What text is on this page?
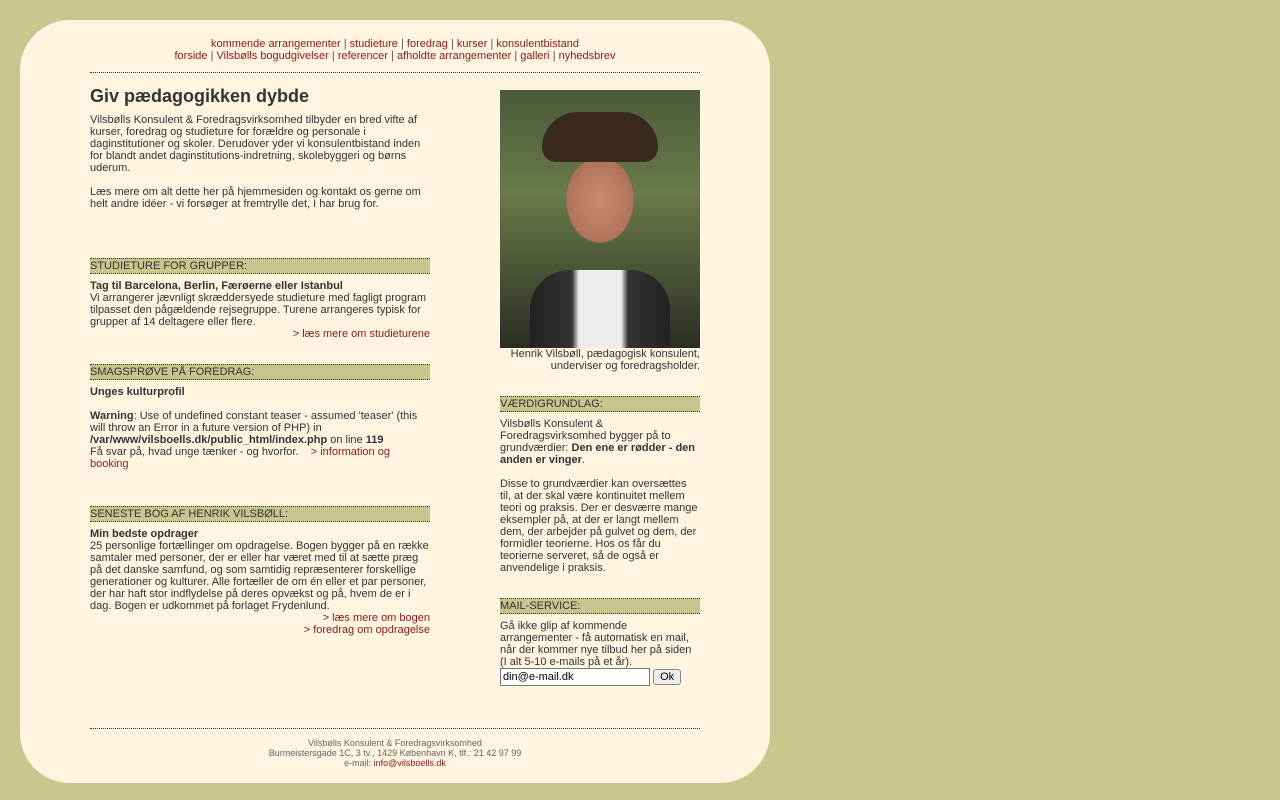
kommende arrangementer | studieture | foredrag | kurser | konsulentbistand
forside | Vilsbølls bogudgivelser | referencer | afholdte arrangementer | galleri | nyhedsbrev
Giv pædagogikken dybde

Vilsbølls Konsulent & Foredragsvirksomhed tilbyder en bred vifte af kurser, foredrag og studieture for forældre og personale i daginstitutioner og skoler. Derudover yder vi konsulentbistand inden for blandt andet daginstitutions-indretning, skolebyggeri og børns uderum.

Læs mere om alt dette her på hjemmesiden og kontakt os gerne om helt andre idéer - vi forsøger at fremtrylle det, I har brug for.

STUDIETURE FOR GRUPPER:
Tag til Barcelona, Berlin, Færøerne eller Istanbul

Vi arrangerer jævnligt skræddersyede studieture med fagligt program tilpasset den pågældende rejsegruppe. Turene arrangeres typisk for grupper af 14 deltagere eller flere.

> læs mere om studieturene
SMAGSPRØVE PÅ FOREDRAG:
Unges kulturprofil

Warning: Use of undefined constant teaser - assumed 'teaser' (this will throw an Error in a future version of PHP) in /var/www/vilsboells.dk/public_html/index.php on line 119

Få svar på, hvad unge tænker - og hvorfor. > information og booking

SENESTE BOG AF HENRIK VILSBØLL:
Min bedste opdrager

25 personlige fortællinger om opdragelse. Bogen bygger på en række samtaler med personer, der er eller har været med til at sætte præg på det danske samfund, og som samtidig repræsenterer forskellige generationer og kulturer. Alle fortæller de om én eller et par personer, der har haft stor indflydelse på deres opvækst og på, hvem de er i dag. Bogen er udkommet på forlaget Frydenlund.

> læs mere om bogen
> foredrag om opdragelse

Henrik Vilsbøll, pædagogisk konsulent, underviser og foredragsholder.

VÆRDIGRUNDLAG:

Vilsbølls Konsulent & Foredragsvirksomhed bygger på to grundværdier: Den ene er rødder - den anden er vinger.

Disse to grundværdier kan oversættes til, at der skal være kontinuitet mellem teori og praksis. Der er desværre mange eksempler på, at der er langt mellem dem, der arbejder på gulvet og dem, der formidler teorierne. Hos os får du teorierne serveret, så de også er anvendelige i praksis.

MAIL-SERVICE:

Gå ikke glip af kommende arrangementer - få automatisk en mail, når der kommer nye tilbud her på siden (I alt 5-10 e-mails på et år).

din@e-mail.dk Ok
Vilsbølls Konsulent & Foredragsvirksomhed
Burmeistersgade 1C, 3 tv., 1429 København K, tlf.: 21 42 97 99
e-mail: info@vilsboells.dk
